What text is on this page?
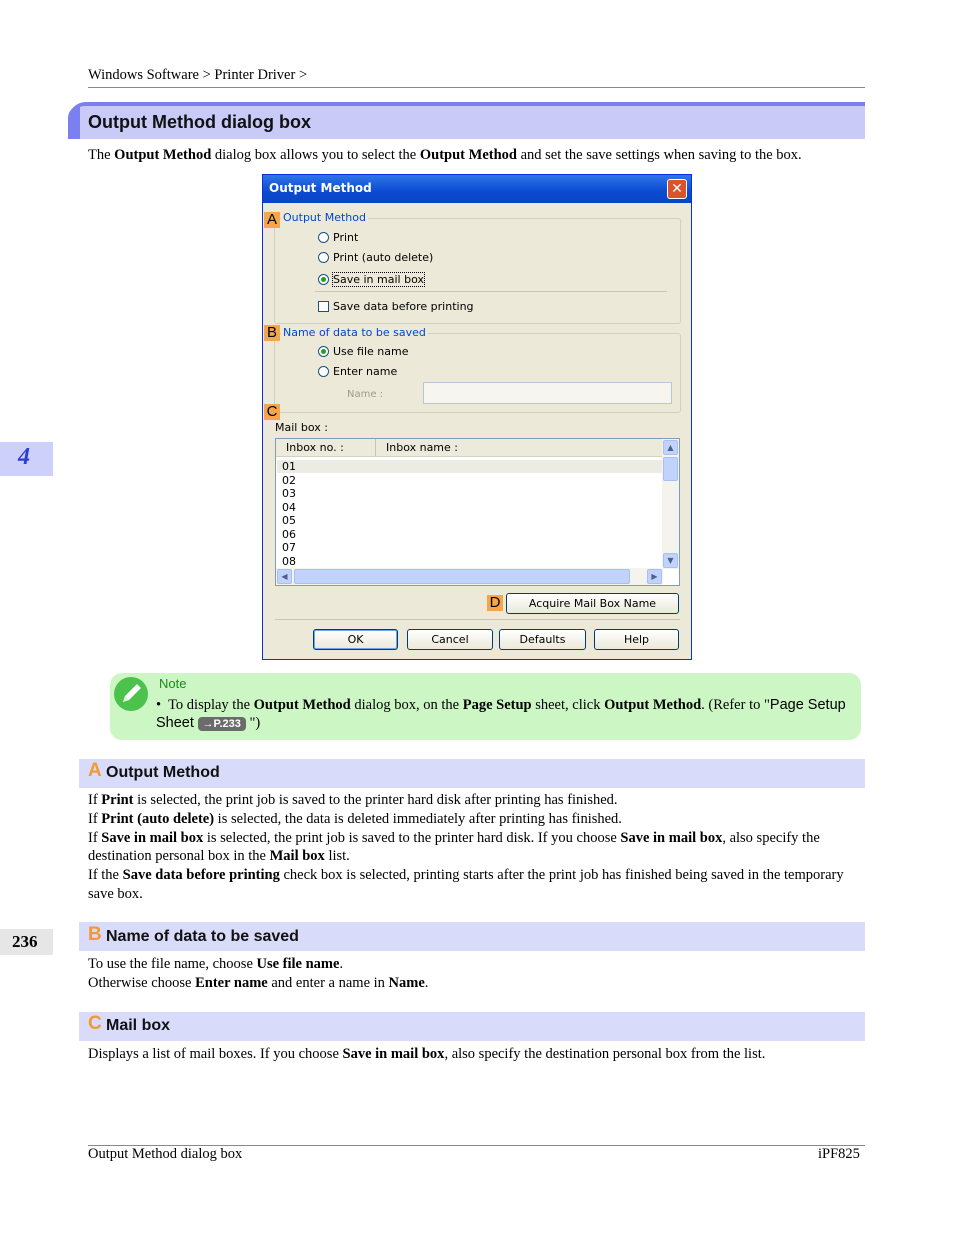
Windows Software > Printer Driver >
Output Method dialog box
The Output Method dialog box allows you to select the Output Method and set the save settings when saving to the box.
Output Method	✕
A Output Method
Print
Print (auto delete)
Save in mail box
Save data before printing
B Name of data to be saved
Use file name
Enter name
Name :
C
Mail box :
Inbox no. :	Inbox name :
01
02
03
04
05
06
07
08
▲
▼
◀	▶
D	Acquire Mail Box Name
OK	Cancel	Defaults	Help
Note
• To display the Output Method dialog box, on the Page Setup sheet, click Output Method. (Refer to "Page Setup Sheet →P.233 ")
A Output Method
If Print is selected, the print job is saved to the printer hard disk after printing has finished.
If Print (auto delete) is selected, the data is deleted immediately after printing has finished.
If Save in mail box is selected, the print job is saved to the printer hard disk. If you choose Save in mail box, also specify the destination personal box in the Mail box list.
If the Save data before printing check box is selected, printing starts after the print job has finished being saved in the temporary save box.
B Name of data to be saved
To use the file name, choose Use file name.
Otherwise choose Enter name and enter a name in Name.
C Mail box
Displays a list of mail boxes. If you choose Save in mail box, also specify the destination personal box from the list.
4
236
Output Method dialog box	iPF825
